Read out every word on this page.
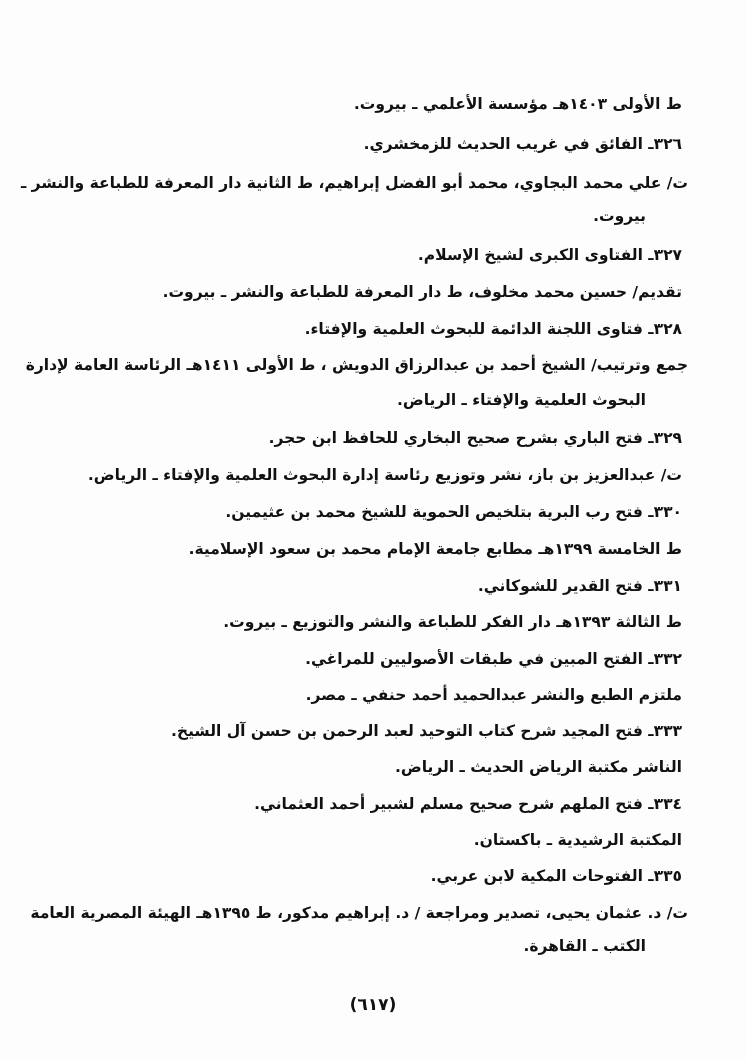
ط الأولى ١٤٠٣هـ مؤسسة الأعلمي ـ بيروت.
٣٢٦ـ الفائق في غريب الحديث للزمخشري.
ت/ علي محمد البجاوي، محمد أبو الفضل إبراهيم، ط الثانية دار المعرفة للطباعة والنشر ـ
بيروت.
٣٢٧ـ الفتاوى الكبرى لشيخ الإسلام.
تقديم/ حسين محمد مخلوف، ط دار المعرفة للطباعة والنشر ـ بيروت.
٣٢٨ـ فتاوى اللجنة الدائمة للبحوث العلمية والإفتاء.
جمع وترتيب/ الشيخ أحمد بن عبدالرزاق الدويش ، ط الأولى ١٤١١هـ الرئاسة العامة لإدارة
البحوث العلمية والإفتاء ـ الرياض.
٣٢٩ـ فتح الباري بشرح صحيح البخاري للحافظ ابن حجر.
ت/ عبدالعزيز بن باز، نشر وتوزيع رئاسة إدارة البحوث العلمية والإفتاء ـ الرياض.
٣٣٠ـ فتح رب البرية بتلخيص الحموية للشيخ محمد بن عثيمين.
ط الخامسة ١٣٩٩هـ مطابع جامعة الإمام محمد بن سعود الإسلامية.
٣٣١ـ فتح القدير للشوكاني.
ط الثالثة ١٣٩٣هـ دار الفكر للطباعة والنشر والتوزيع ـ بيروت.
٣٣٢ـ الفتح المبين في طبقات الأصوليين للمراغي.
ملتزم الطبع والنشر عبدالحميد أحمد حنفي ـ مصر.
٣٣٣ـ فتح المجيد شرح كتاب التوحيد لعبد الرحمن بن حسن آل الشيخ.
الناشر مكتبة الرياض الحديث ـ الرياض.
٣٣٤ـ فتح الملهم شرح صحيح مسلم لشبير أحمد العثماني.
المكتبة الرشيدية ـ باكستان.
٣٣٥ـ الفتوحات المكية لابن عربي.
ت/ د. عثمان يحيى، تصدير ومراجعة / د. إبراهيم مدكور، ط ١٣٩٥هـ الهيئة المصرية العامة
الكتب ـ القاهرة.
(٦١٧)
